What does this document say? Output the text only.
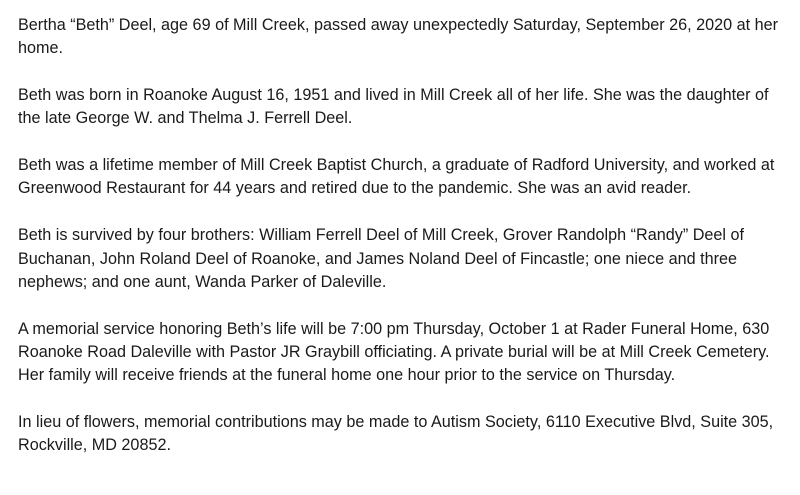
Bertha “Beth” Deel, age 69 of Mill Creek, passed away unexpectedly Saturday, September 26, 2020 at her home.

Beth was born in Roanoke August 16, 1951 and lived in Mill Creek all of her life. She was the daughter of the late George W. and Thelma J. Ferrell Deel.

Beth was a lifetime member of Mill Creek Baptist Church, a graduate of Radford University, and worked at Greenwood Restaurant for 44 years and retired due to the pandemic. She was an avid reader.

Beth is survived by four brothers: William Ferrell Deel of Mill Creek, Grover Randolph “Randy” Deel of Buchanan, John Roland Deel of Roanoke, and James Noland Deel of Fincastle; one niece and three nephews; and one aunt, Wanda Parker of Daleville.

A memorial service honoring Beth’s life will be 7:00 pm Thursday, October 1 at Rader Funeral Home, 630 Roanoke Road Daleville with Pastor JR Graybill officiating. A private burial will be at Mill Creek Cemetery. Her family will receive friends at the funeral home one hour prior to the service on Thursday.

In lieu of flowers, memorial contributions may be made to Autism Society, 6110 Executive Blvd, Suite 305, Rockville, MD 20852.
